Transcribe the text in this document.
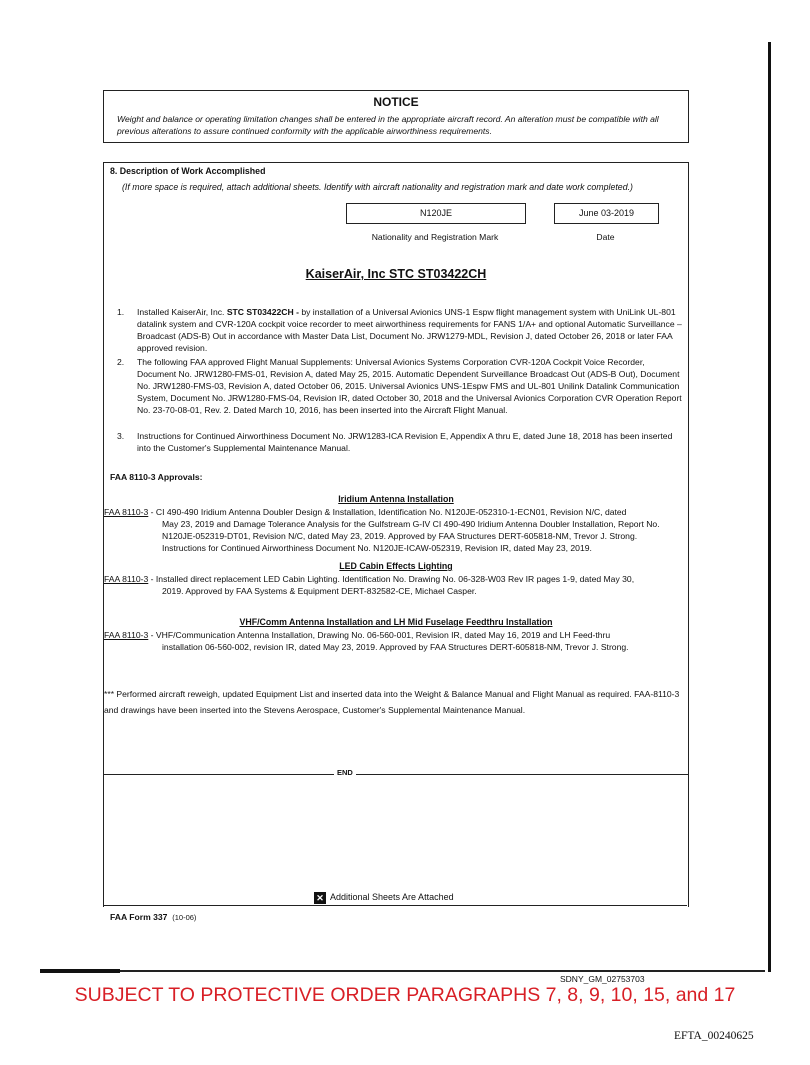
NOTICE
Weight and balance or operating limitation changes shall be entered in the appropriate aircraft record. An alteration must be compatible with all previous alterations to assure continued conformity with the applicable airworthiness requirements.
8. Description of Work Accomplished
(If more space is required, attach additional sheets. Identify with aircraft nationality and registration mark and date work completed.)
N120JE
Nationality and Registration Mark
June 03-2019
Date
KaiserAir, Inc STC ST03422CH
1. Installed KaiserAir, Inc. STC ST03422CH - by installation of a Universal Avionics UNS-1 Espw flight management system with UniLink UL-801 datalink system and CVR-120A cockpit voice recorder to meet airworthiness requirements for FANS 1/A+ and optional Automatic Surveillance – Broadcast (ADS-B) Out in accordance with Master Data List, Document No. JRW1279-MDL, Revision J, dated October 26, 2018 or later FAA approved revision.
2. The following FAA approved Flight Manual Supplements: Universal Avionics Systems Corporation CVR-120A Cockpit Voice Recorder, Document No. JRW1280-FMS-01, Revision A, dated May 25, 2015. Automatic Dependent Surveillance Broadcast Out (ADS-B Out), Document No. JRW1280-FMS-03, Revision A, dated October 06, 2015. Universal Avionics UNS-1Espw FMS and UL-801 Unilink Datalink Communication System, Document No. JRW1280-FMS-04, Revision IR, dated October 30, 2018 and the Universal Avionics Corporation CVR Operation Report No. 23-70-08-01, Rev. 2. Dated March 10, 2016, has been inserted into the Aircraft Flight Manual.
3. Instructions for Continued Airworthiness Document No. JRW1283-ICA Revision E, Appendix A thru E, dated June 18, 2018 has been inserted into the Customer's Supplemental Maintenance Manual.
FAA 8110-3 Approvals:
Iridium Antenna Installation
FAA 8110-3 - CI 490-490 Iridium Antenna Doubler Design & Installation, Identification No. N120JE-052310-1-ECN01, Revision N/C, dated
May 23, 2019 and Damage Tolerance Analysis for the Gulfstream G-IV CI 490-490 Iridium Antenna Doubler Installation, Report No. N120JE-052319-DT01, Revision N/C, dated May 23, 2019. Approved by FAA Structures DERT-605818-NM, Trevor J. Strong. Instructions for Continued Airworthiness Document No. N120JE-ICAW-052319, Revision IR, dated May 23, 2019.
LED Cabin Effects Lighting
FAA 8110-3 - Installed direct replacement LED Cabin Lighting. Identification No. Drawing No. 06-328-W03 Rev IR pages 1-9, dated May 30,
2019. Approved by FAA Systems & Equipment DERT-832582-CE, Michael Casper.
VHF/Comm Antenna Installation and LH Mid Fuselage Feedthru Installation
FAA 8110-3 - VHF/Communication Antenna Installation, Drawing No. 06-560-001, Revision IR, dated May 16, 2019 and LH Feed-thru
installation 06-560-002, revision IR, dated May 23, 2019. Approved by FAA Structures DERT-605818-NM, Trevor J. Strong.
*** Performed aircraft reweigh, updated Equipment List and inserted data into the Weight & Balance Manual and Flight Manual as required. FAA-8110-3 and drawings have been inserted into the Stevens Aerospace, Customer's Supplemental Maintenance Manual.
END
✕ Additional Sheets Are Attached
FAA Form 337 (10-06)
SDNY_GM_02753703
SUBJECT TO PROTECTIVE ORDER PARAGRAPHS 7, 8, 9, 10, 15, and 17
EFTA_00240625
